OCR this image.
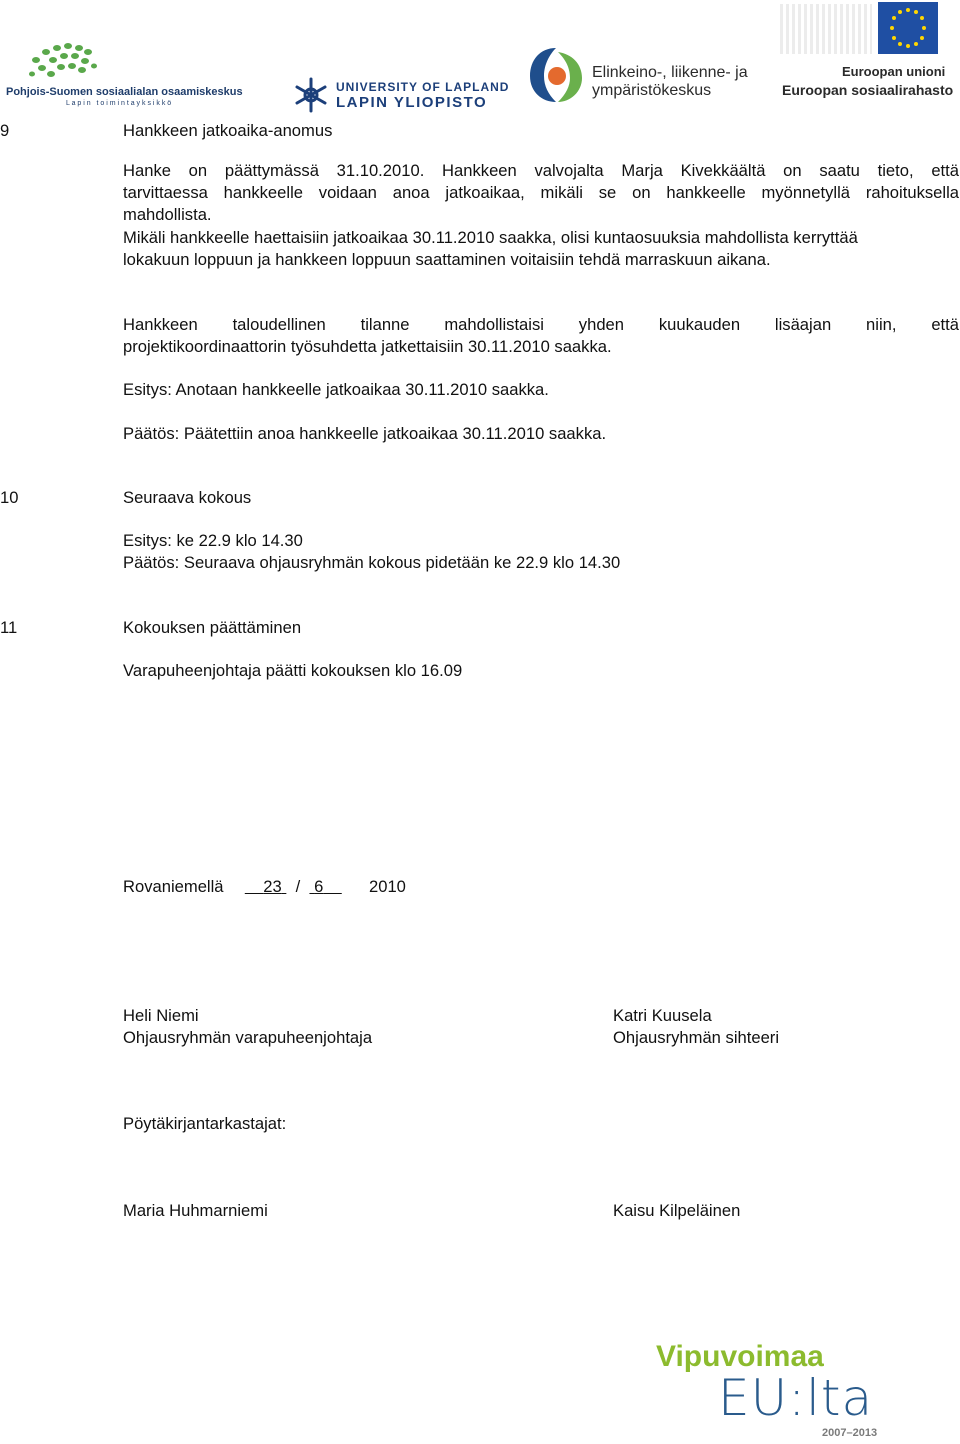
Pohjois-Suomen sosiaalialan osaamiskeskus
L a p i n   t o i m i n t a y k s i k k ö
UNIVERSITY OF LAPLAND
LAPIN YLIOPISTO
Elinkeino-, liikenne- ja
ympäristökeskus
Euroopan unioni
Euroopan sosiaalirahasto
9	Hankkeen jatkoaika-anomus

Hanke on päättymässä 31.10.2010. Hankkeen valvojalta Marja Kivekkäältä on saatu tieto, että

tarvittaessa hankkeelle voidaan anoa jatkoaikaa, mikäli se on hankkeelle myönnetyllä rahoituksella

mahdollista.

Mikäli hankkeelle haettaisiin jatkoaikaa 30.11.2010 saakka, olisi kuntaosuuksia mahdollista kerryttää

lokakuun loppuun ja hankkeen loppuun saattaminen voitaisiin tehdä marraskuun aikana.

Hankkeen taloudellinen tilanne mahdollistaisi yhden kuukauden lisäajan niin, että

projektikoordinaattorin työsuhdetta jatkettaisiin 30.11.2010 saakka.

Esitys: Anotaan hankkeelle jatkoaikaa 30.11.2010 saakka.
Päätös: Päätettiin anoa hankkeelle jatkoaikaa 30.11.2010 saakka.
10	Seuraava kokous
Esitys: ke 22.9 klo 14.30
Päätös: Seuraava ohjausryhmän kokous pidetään ke 22.9 klo 14.30
11	Kokouksen päättäminen
Varapuheenjohtaja päätti kokouksen klo 16.09
Rovaniemellä 23   /   6	2010
Heli Niemi
Ohjausryhmän varapuheenjohtaja
Katri Kuusela
Ohjausryhmän sihteeri
Pöytäkirjantarkastajat:
Maria Huhmarniemi	Kaisu Kilpeläinen
Vipuvoimaa
EU:lta
2007–2013
